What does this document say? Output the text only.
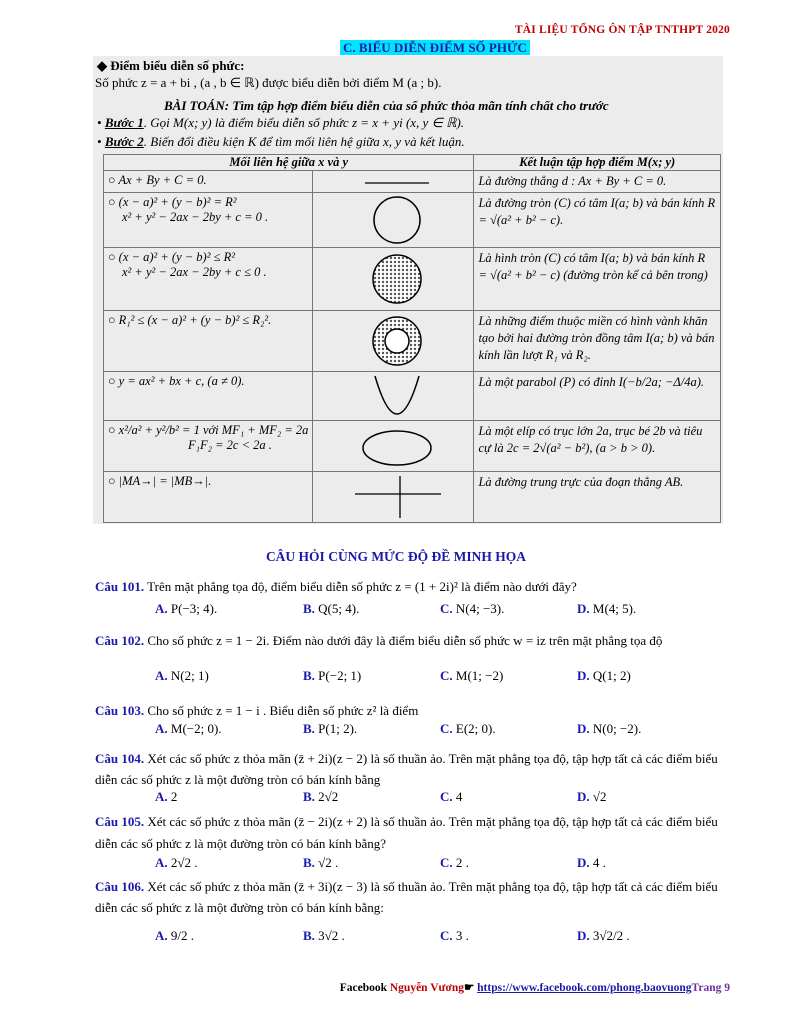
TÀI LIỆU TỔNG ÔN TẬP TNTHPT 2020
C. BIỂU DIỄN ĐIỂM SỐ PHỨC
◆ Điểm biểu diễn số phức:
Số phức z = a + bi , (a , b ∈ ℝ) được biểu diễn bởi điểm M (a ; b).
BÀI TOÁN: Tìm tập hợp điểm biểu diễn của số phức thỏa mãn tính chất cho trước
• Bước 1. Gọi M(x; y) là điểm biểu diễn số phức z = x + yi (x, y ∈ ℝ).
• Bước 2. Biến đổi điều kiện K để tìm mối liên hệ giữa x, y và kết luận.
Mối liên hệ giữa x và y		Kết luận tập hợp điểm M(x; y)

○ Ax + By + C = 0.		Là đường thẳng d : Ax + By + C = 0.

○ (x − a)² + (y − b)² = R²
x² + y² − 2ax − 2by + c = 0 .		Là đường tròn (C) có tâm I(a; b) và bán kính R = √(a² + b² − c).

○ (x − a)² + (y − b)² ≤ R²
x² + y² − 2ax − 2by + c ≤ 0 .		Là hình tròn (C) có tâm I(a; b) và bán kính R = √(a² + b² − c) (đường tròn kể cả bên trong)

○ R₁² ≤ (x − a)² + (y − b)² ≤ R₂².		Là những điểm thuộc miền có hình vành khăn tạo bởi hai đường tròn đồng tâm I(a; b) và bán kính lần lượt R₁ và R₂.

○ y = ax² + bx + c, (a ≠ 0).		Là một parabol (P) có đỉnh I(−b/2a; −Δ/4a).

○ x²/a² + y²/b² = 1 với MF₁ + MF₂ = 2a
F₁F₂ = 2c < 2a .		Là một elíp có trục lớn 2a, trục bé 2b và tiêu cự là 2c = 2√(a² − b²), (a > b > 0).

○ |MA→| = |MB→|.		Là đường trung trực của đoạn thẳng AB.
CÂU HỎI CÙNG MỨC ĐỘ ĐỀ MINH HỌA
Câu 101. Trên mặt phẳng tọa độ, điểm biểu diễn số phức z = (1 + 2i)² là điểm nào dưới đây?
A. P(−3; 4).	B. Q(5; 4).	C. N(4; −3).	D. M(4; 5).
Câu 102. Cho số phức z = 1 − 2i. Điểm nào dưới đây là điểm biểu diễn số phức w = iz trên mặt phẳng tọa độ
A. N(2; 1)	B. P(−2; 1)	C. M(1; −2)	D. Q(1; 2)
Câu 103. Cho số phức z = 1 − i . Biểu diễn số phức z² là điểm
A. M(−2; 0).	B. P(1; 2).	C. E(2; 0).	D. N(0; −2).
Câu 104. Xét các số phức z thỏa mãn (z̄ + 2i)(z − 2) là số thuần ảo. Trên mặt phẳng tọa độ, tập hợp tất cả các điểm biểu diễn các số phức z là một đường tròn có bán kính bằng
A. 2	B. 2√2	C. 4	D. √2
Câu 105. Xét các số phức z thỏa mãn (z̄ − 2i)(z + 2) là số thuần ảo. Trên mặt phẳng tọa độ, tập hợp tất cả các điểm biểu diễn các số phức z là một đường tròn có bán kính bằng?
A. 2√2 .	B. √2 .	C. 2 .	D. 4 .
Câu 106. Xét các số phức z thỏa mãn (z̄ + 3i)(z − 3) là số thuần ảo. Trên mặt phẳng tọa độ, tập hợp tất cả các điểm biểu diễn các số phức z là một đường tròn có bán kính bằng:
A. 9/2 .	B. 3√2 .	C. 3 .	D. 3√2/2 .
Facebook Nguyễn Vương☛ https://www.facebook.com/phong.baovuongTrang 9
